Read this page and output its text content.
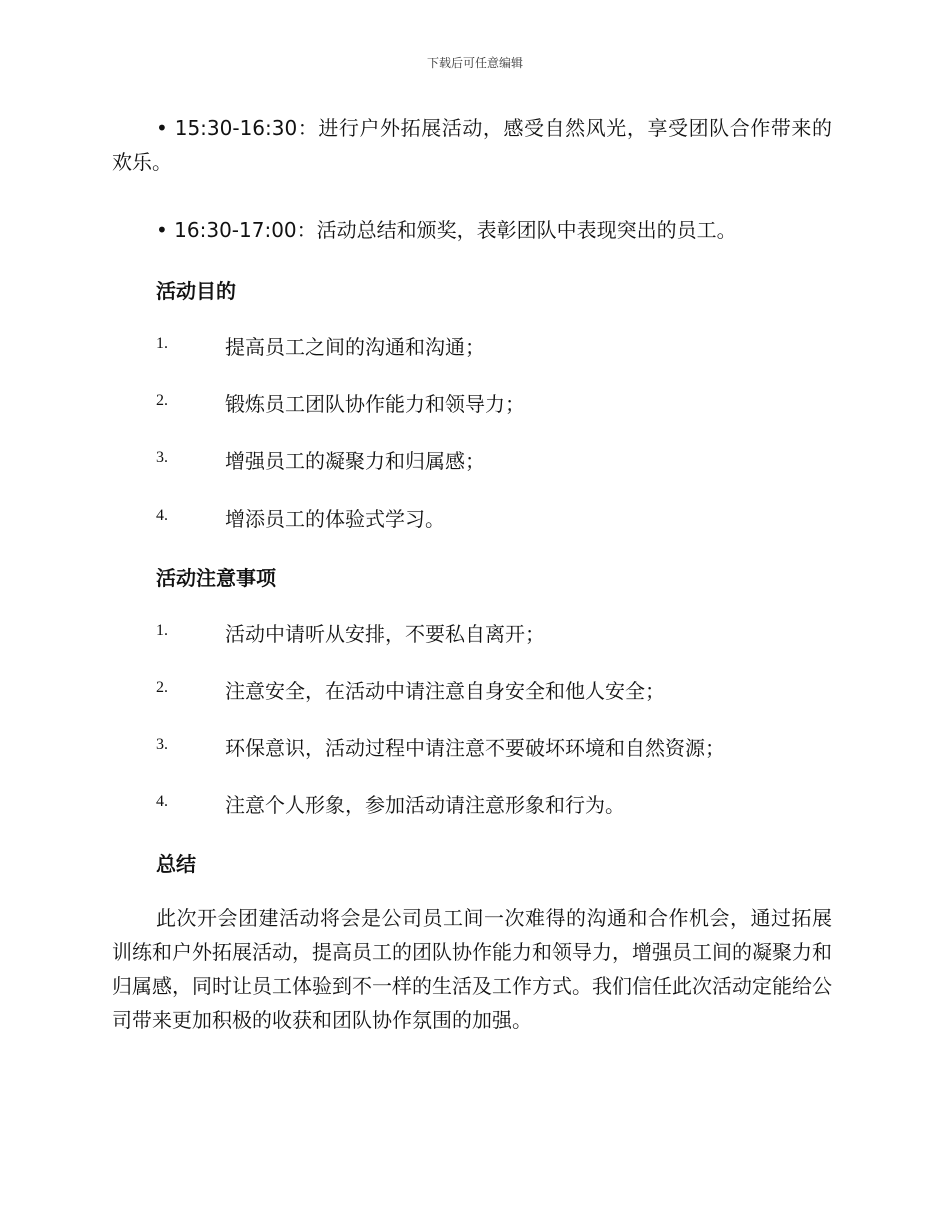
下载后可任意编辑

• 15:30-16:30：进行户外拓展活动，感受自然风光，享受团队合作带来的欢乐。

• 16:30-17:00：活动总结和颁奖，表彰团队中表现突出的员工。

活动目的
1.	提高员工之间的沟通和沟通；
2.	锻炼员工团队协作能力和领导力；
3.	增强员工的凝聚力和归属感；
4.	增添员工的体验式学习。
活动注意事项
1.	活动中请听从安排，不要私自离开；
2.	注意安全，在活动中请注意自身安全和他人安全；
3.	环保意识，活动过程中请注意不要破坏环境和自然资源；
4.	注意个人形象，参加活动请注意形象和行为。
总结

此次开会团建活动将会是公司员工间一次难得的沟通和合作机会，通过拓展训练和户外拓展活动，提高员工的团队协作能力和领导力，增强员工间的凝聚力和归属感，同时让员工体验到不一样的生活及工作方式。我们信任此次活动定能给公司带来更加积极的收获和团队协作氛围的加强。
